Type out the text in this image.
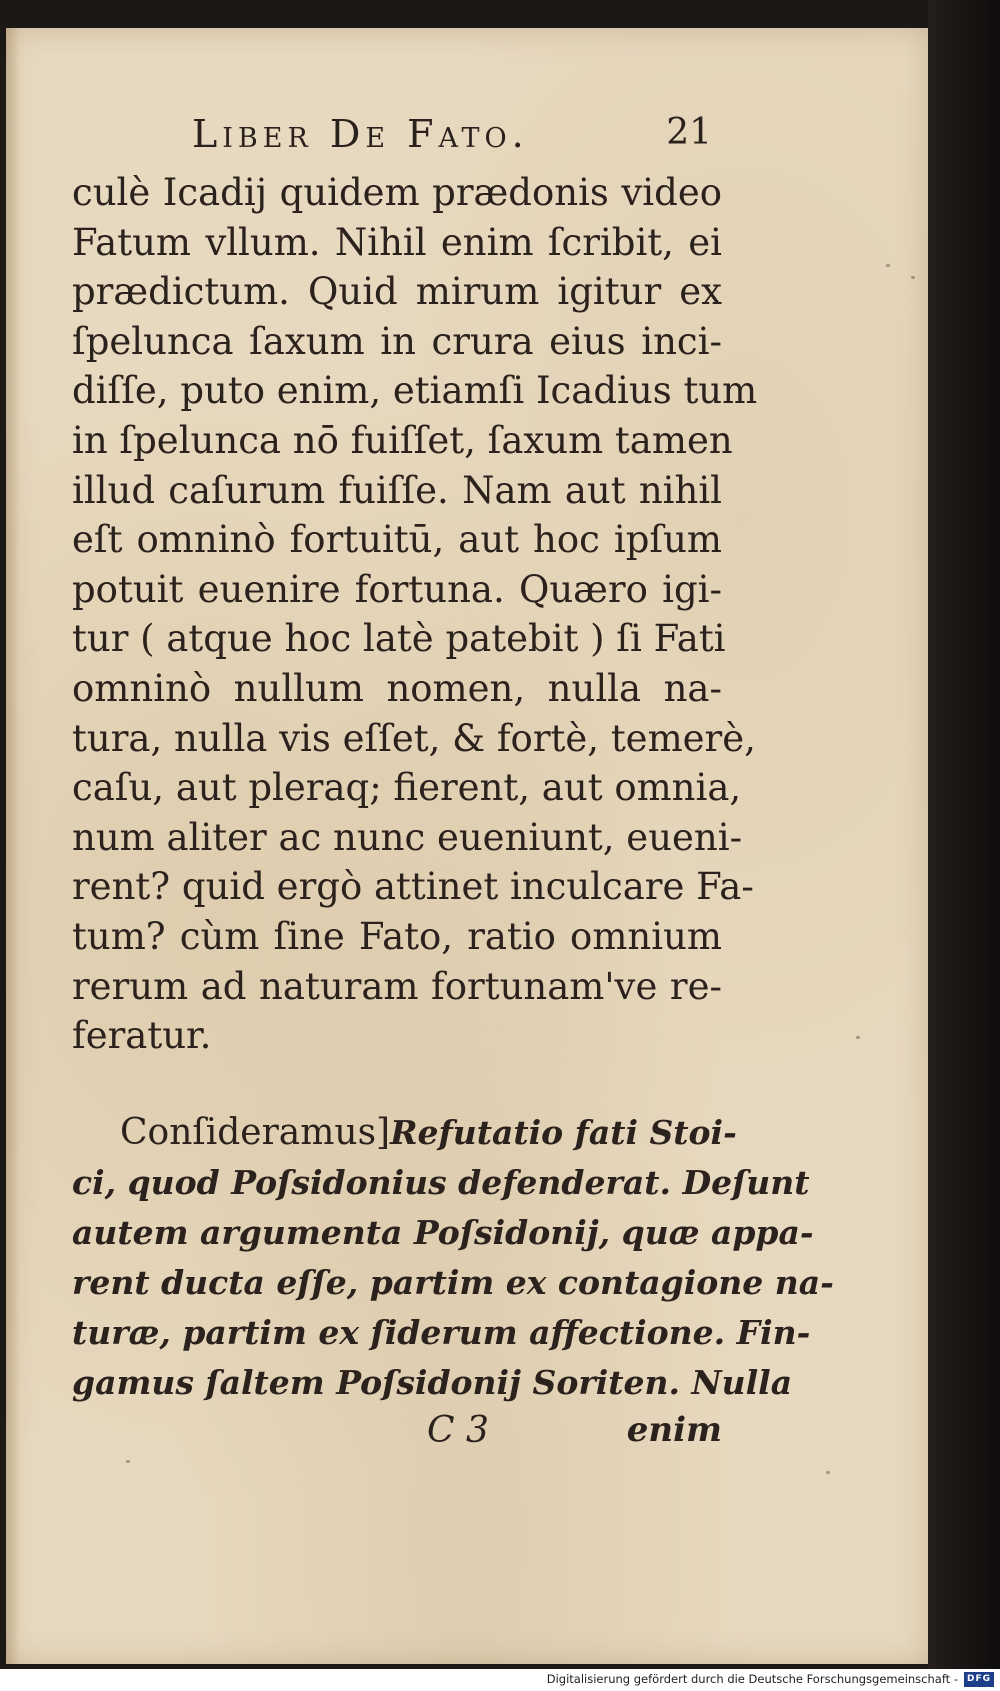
Liber De Fato.	21
culè Icadij quidem prædonis video
Fatum vllum. Nihil enim ſcribit, ei
prædictum. Quid mirum igitur ex
ſpelunca ſaxum in crura eius inci-
diſſe, puto enim, etiamſi Icadius tum
in ſpelunca nō fuiſſet, ſaxum tamen
illud caſurum fuiſſe. Nam aut nihil
eſt omninò fortuitū, aut hoc ipſum
potuit euenire fortuna. Quæro igi-
tur ( atque hoc latè patebit ) ſi Fati
omninò nullum nomen, nulla na-
tura, nulla vis eſſet, & fortè, temerè,
caſu, aut pleraq; fierent, aut omnia,
num aliter ac nunc eueniunt, eueni-
rent? quid ergò attinet inculcare Fa-
tum? cùm ſine Fato, ratio omnium
rerum ad naturam fortunam've re-
feratur.
Conſideramus]Refutatio fati Stoi-
ci, quod Poſsidonius defenderat. Deſunt
autem argumenta Poſsidonij, quæ appa-
rent ducta eſſe, partim ex contagione na-
turæ, partim ex ſiderum affectione. Fin-
gamus ſaltem Poſsidonij Soriten. Nulla
C 3	enim
Digitalisierung gefördert durch die Deutsche Forschungsgemeinschaft - DFG
